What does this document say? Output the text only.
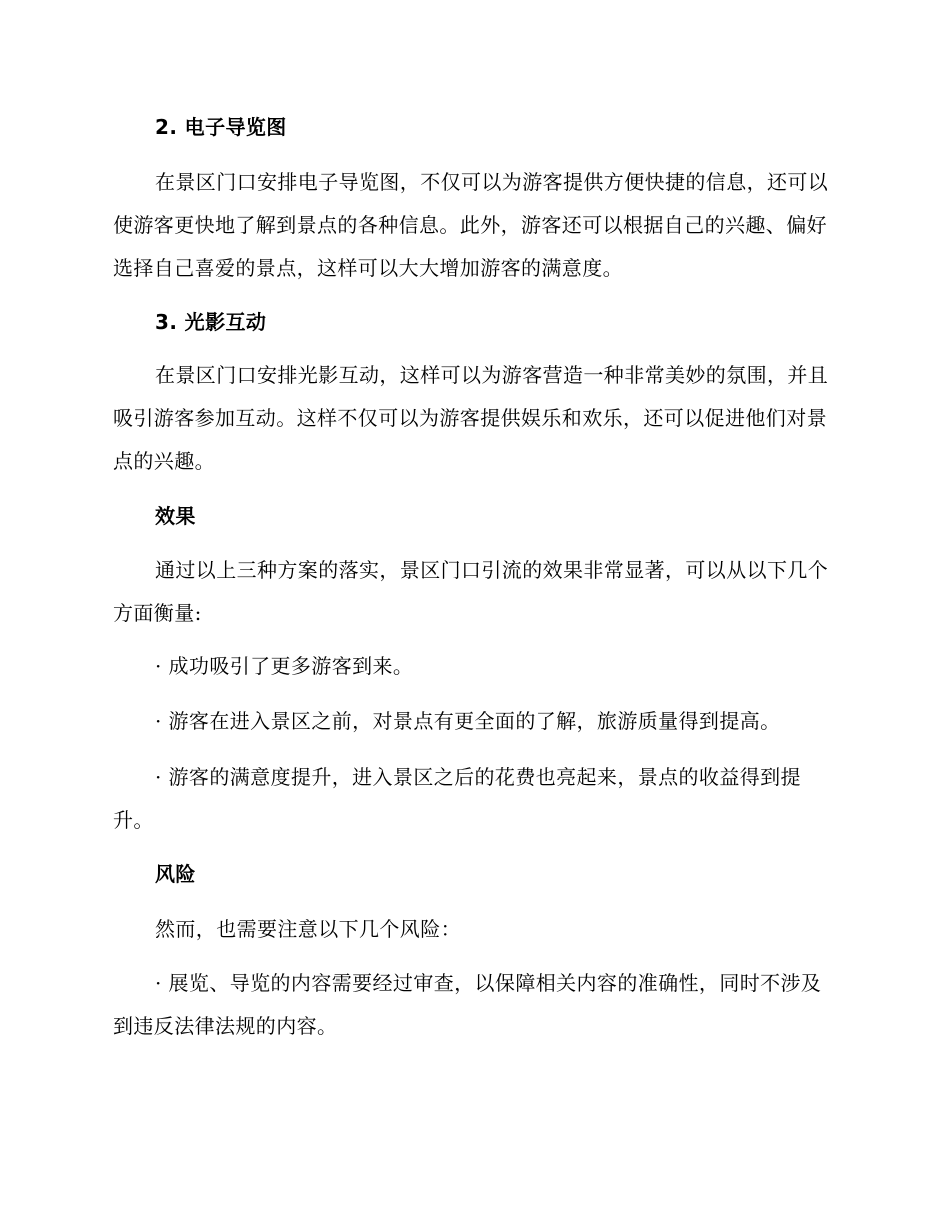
2. 电子导览图

在景区门口安排电子导览图，不仅可以为游客提供方便快捷的信息，还可以使游客更快地了解到景点的各种信息。此外，游客还可以根据自己的兴趣、偏好选择自己喜爱的景点，这样可以大大增加游客的满意度。

3. 光影互动

在景区门口安排光影互动，这样可以为游客营造一种非常美妙的氛围，并且吸引游客参加互动。这样不仅可以为游客提供娱乐和欢乐，还可以促进他们对景点的兴趣。

效果

通过以上三种方案的落实，景区门口引流的效果非常显著，可以从以下几个方面衡量:

· 成功吸引了更多游客到来。

· 游客在进入景区之前，对景点有更全面的了解，旅游质量得到提高。

· 游客的满意度提升，进入景区之后的花费也亮起来，景点的收益得到提升。

风险

然而，也需要注意以下几个风险：

· 展览、导览的内容需要经过审查，以保障相关内容的准确性，同时不涉及到违反法律法规的内容。
